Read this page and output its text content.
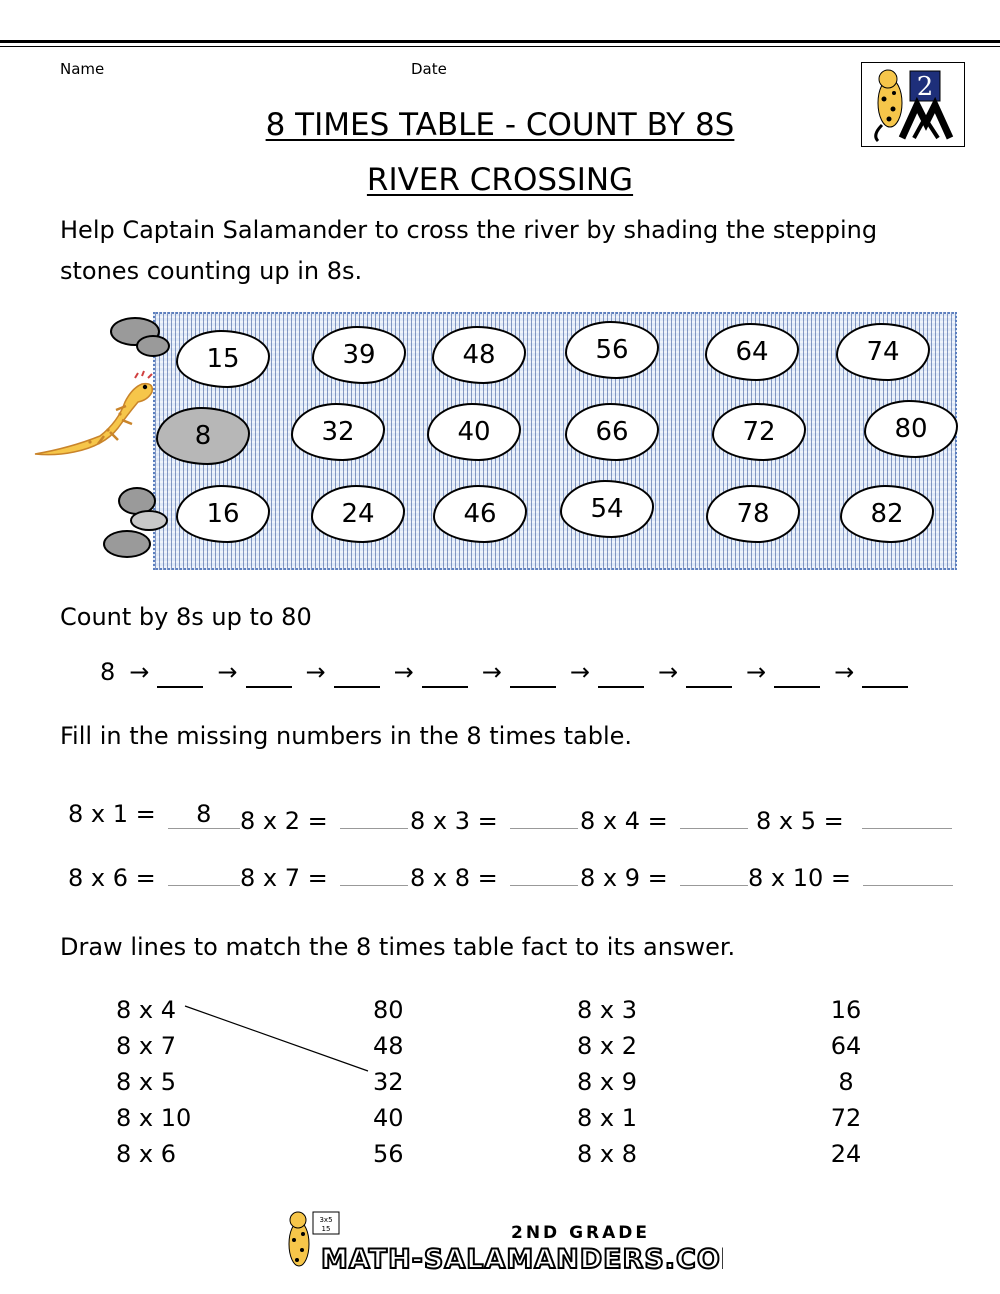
Name	Date
2
8 TIMES TABLE - COUNT BY 8S
RIVER CROSSING
Help Captain Salamander to cross the river by shading the stepping stones counting up in 8s.
15	39	48	56	64	74
8	32	40	66	72	80
16	24	46	54	78	82
Count by 8s up to 80
8 →	→	→	→	→	→	→	→	→
Fill in the missing numbers in the 8 times table.
8 x 1 =	8	8 x 2 =	8 x 3 =	8 x 4 =	8 x 5 =
8 x 6 =	8 x 7 =	8 x 8 =	8 x 9 =	8 x 10 =
Draw lines to match the 8 times table fact to its answer.
8 x 4
8 x 7
8 x 5
8 x 10
8 x 6
80
48
32
40
56
8 x 3
8 x 2
8 x 9
8 x 1
8 x 8
16
64
8
72
24
3x5
15	2ND GRADE
MATH-SALAMANDERS.COM
